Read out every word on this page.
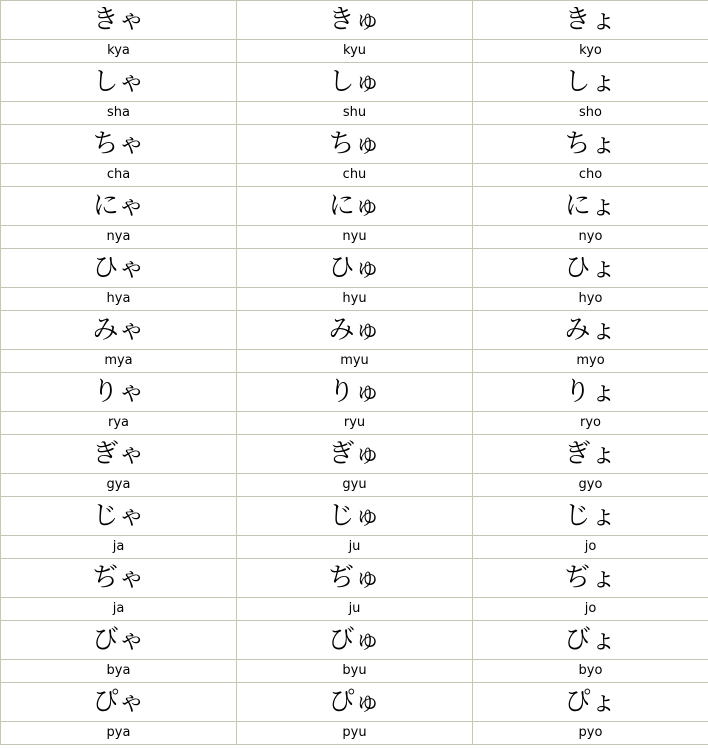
きゃ	きゅ	きょ
kya	kyu	kyo
しゃ	しゅ	しょ
sha	shu	sho
ちゃ	ちゅ	ちょ
cha	chu	cho
にゃ	にゅ	にょ
nya	nyu	nyo
ひゃ	ひゅ	ひょ
hya	hyu	hyo
みゃ	みゅ	みょ
mya	myu	myo
りゃ	りゅ	りょ
rya	ryu	ryo
ぎゃ	ぎゅ	ぎょ
gya	gyu	gyo
じゃ	じゅ	じょ
ja	ju	jo
ぢゃ	ぢゅ	ぢょ
ja	ju	jo
びゃ	びゅ	びょ
bya	byu	byo
ぴゃ	ぴゅ	ぴょ
pya	pyu	pyo
